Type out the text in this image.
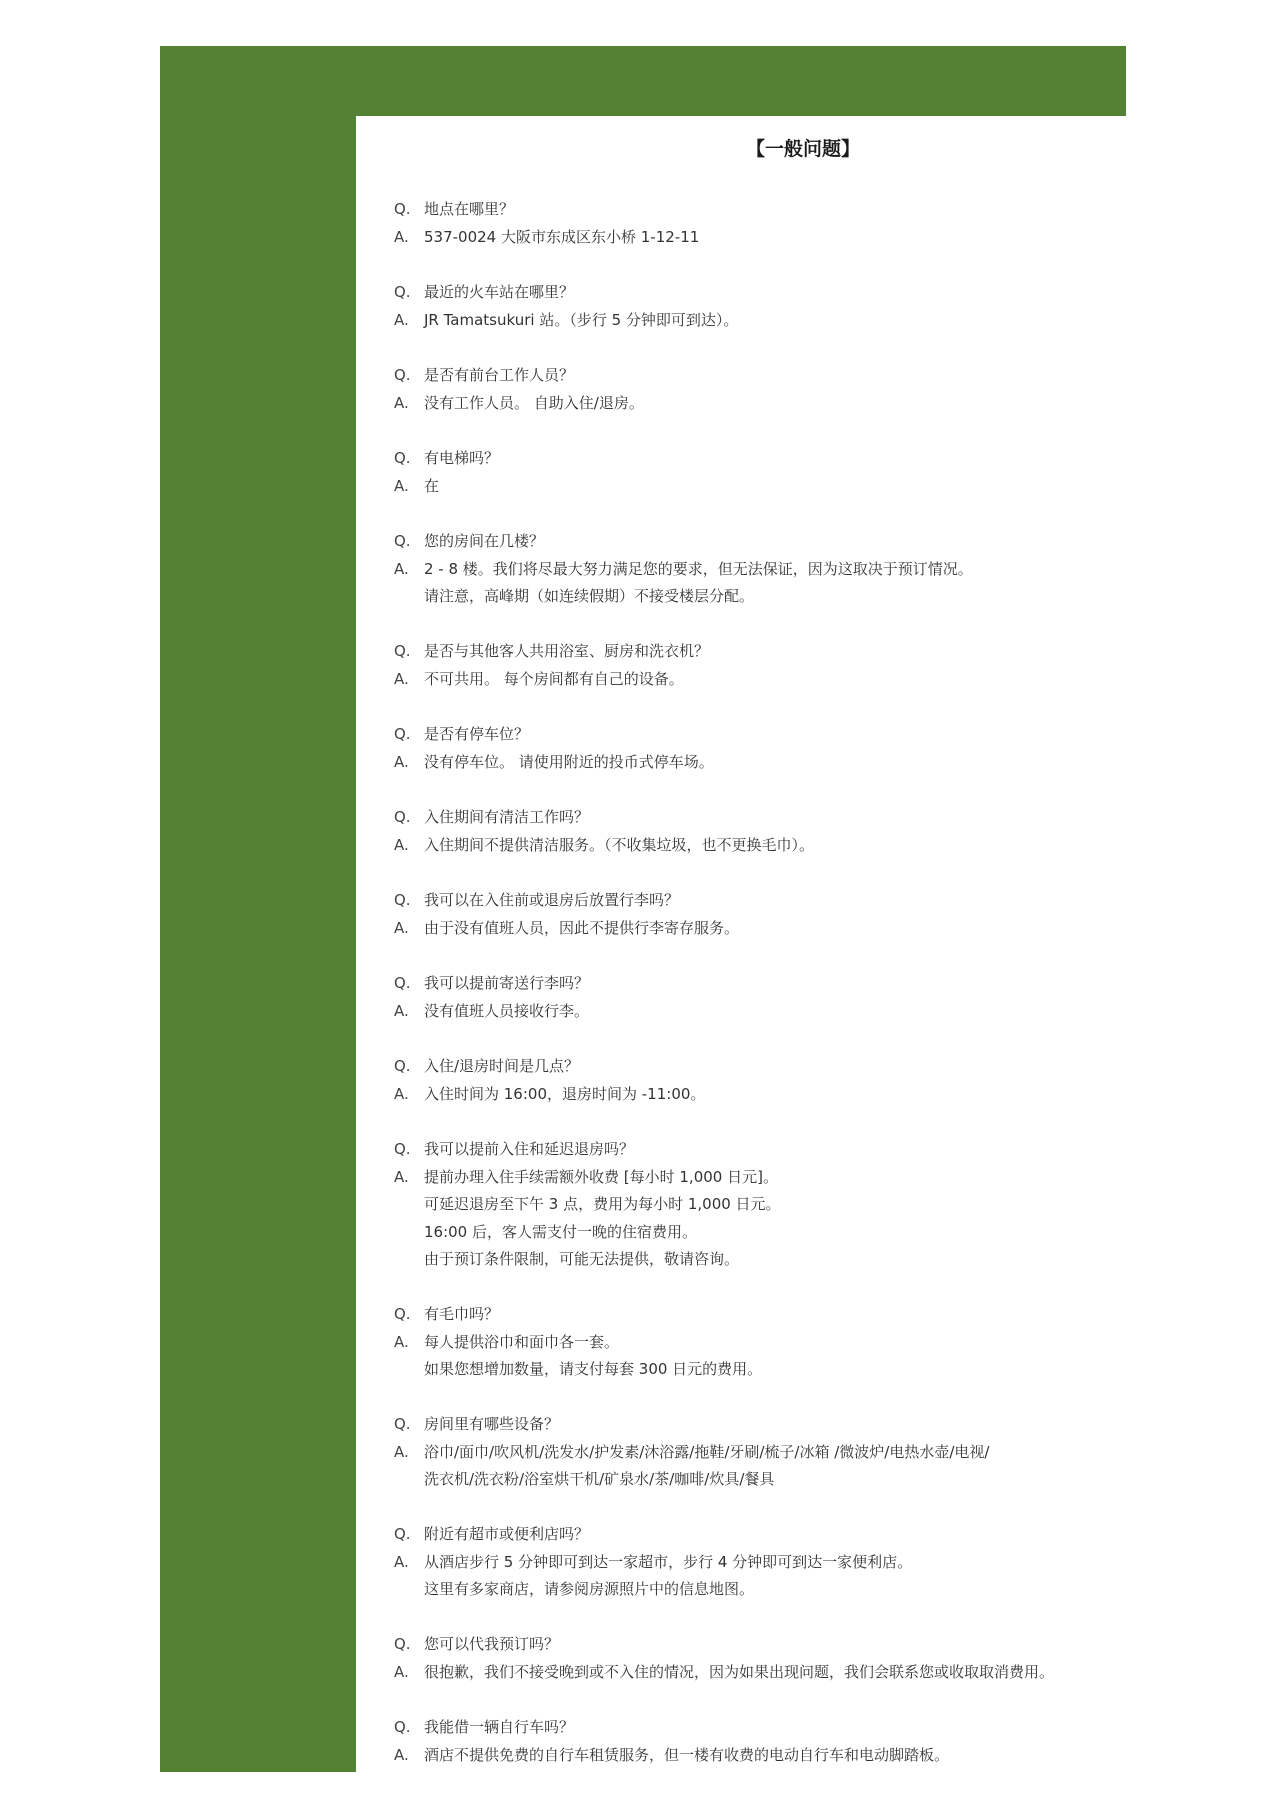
【一般问题】
Q. 地点在哪里？
A.	537-0024 大阪市东成区东小桥 1-12-11
Q. 最近的火车站在哪里？
A.	JR Tamatsukuri 站。（步行 5 分钟即可到达）。
Q. 是否有前台工作人员？
A.	没有工作人员。 自助入住/退房。
Q. 有电梯吗？
A.	在
Q. 您的房间在几楼？
A.	2 - 8 楼。我们将尽最大努力满足您的要求，但无法保证，因为这取决于预订情况。
请注意，高峰期（如连续假期）不接受楼层分配。
Q. 是否与其他客人共用浴室、厨房和洗衣机？
A.	不可共用。 每个房间都有自己的设备。
Q. 是否有停车位？
A.	没有停车位。 请使用附近的投币式停车场。
Q. 入住期间有清洁工作吗？
A.	入住期间不提供清洁服务。（不收集垃圾，也不更换毛巾）。
Q. 我可以在入住前或退房后放置行李吗？
A.	由于没有值班人员，因此不提供行李寄存服务。
Q. 我可以提前寄送行李吗？
A.	没有值班人员接收行李。
Q. 入住/退房时间是几点？
A.	入住时间为 16:00，退房时间为 -11:00。
Q. 我可以提前入住和延迟退房吗？
A.	提前办理入住手续需额外收费 [每小时 1,000 日元]。
可延迟退房至下午 3 点，费用为每小时 1,000 日元。
16:00 后，客人需支付一晚的住宿费用。
由于预订条件限制，可能无法提供，敬请咨询。
Q. 有毛巾吗？
A.	每人提供浴巾和面巾各一套。
如果您想增加数量，请支付每套 300 日元的费用。
Q. 房间里有哪些设备？
A.	浴巾/面巾/吹风机/洗发水/护发素/沐浴露/拖鞋/牙刷/梳子/冰箱 /微波炉/电热水壶/电视/
洗衣机/洗衣粉/浴室烘干机/矿泉水/茶/咖啡/炊具/餐具
Q. 附近有超市或便利店吗？
A.	从酒店步行 5 分钟即可到达一家超市，步行 4 分钟即可到达一家便利店。
这里有多家商店，请参阅房源照片中的信息地图。
Q. 您可以代我预订吗？
A.	很抱歉，我们不接受晚到或不入住的情况，因为如果出现问题，我们会联系您或收取取消费用。
Q. 我能借一辆自行车吗？
A.	酒店不提供免费的自行车租赁服务，但一楼有收费的电动自行车和电动脚踏板。
